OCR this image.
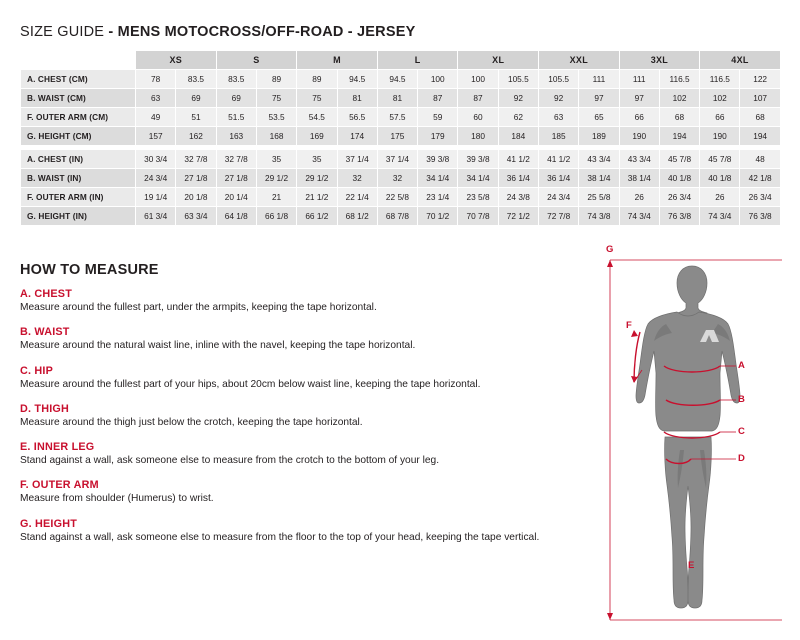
SIZE GUIDE - MENS MOTOCROSS/OFF-ROAD - JERSEY
	XS		S		M		L		XL		XXL		3XL		4XL	
A. CHEST (CM)	78	83.5	83.5	89	89	94.5	94.5	100	100	105.5	105.5	111	111	116.5	116.5	122
B. WAIST (CM)	63	69	69	75	75	81	81	87	87	92	92	97	97	102	102	107
F. OUTER ARM (CM)	49	51	51.5	53.5	54.5	56.5	57.5	59	60	62	63	65	66	68	66	68
G. HEIGHT (CM)	157	162	163	168	169	174	175	179	180	184	185	189	190	194	190	194

A. CHEST (IN)	30 3/4	32 7/8	32 7/8	35	35	37 1/4	37 1/4	39 3/8	39 3/8	41 1/2	41 1/2	43 3/4	43 3/4	45 7/8	45 7/8	48
B. WAIST (IN)	24 3/4	27 1/8	27 1/8	29 1/2	29 1/2	32	32	34 1/4	34 1/4	36 1/4	36 1/4	38 1/4	38 1/4	40 1/8	40 1/8	42 1/8
F. OUTER ARM (IN)	19 1/4	20 1/8	20 1/4	21	21 1/2	22 1/4	22 5/8	23 1/4	23 5/8	24 3/8	24 3/4	25 5/8	26	26 3/4	26	26 3/4
G. HEIGHT (IN)	61 3/4	63 3/4	64 1/8	66 1/8	66 1/2	68 1/2	68 7/8	70 1/2	70 7/8	72 1/2	72 7/8	74 3/8	74 3/4	76 3/8	74 3/4	76 3/8
HOW TO MEASURE
A. CHEST
Measure around the fullest part, under the armpits, keeping the tape horizontal.
B. WAIST
Measure around the natural waist line, inline with the navel, keeping the tape horizontal.
C. HIP
Measure around the fullest part of your hips, about 20cm below waist line, keeping the tape horizontal.
D. THIGH
Measure around the thigh just below the crotch, keeping the tape horizontal.
E. INNER LEG
Stand against a wall, ask someone else to measure from the crotch to the bottom of your leg.
F. OUTER ARM
Measure from shoulder (Humerus) to wrist.
G. HEIGHT
Stand against a wall, ask someone else to measure from the floor to the top of your head, keeping the tape vertical.
G
F
A
B
C
D
E
